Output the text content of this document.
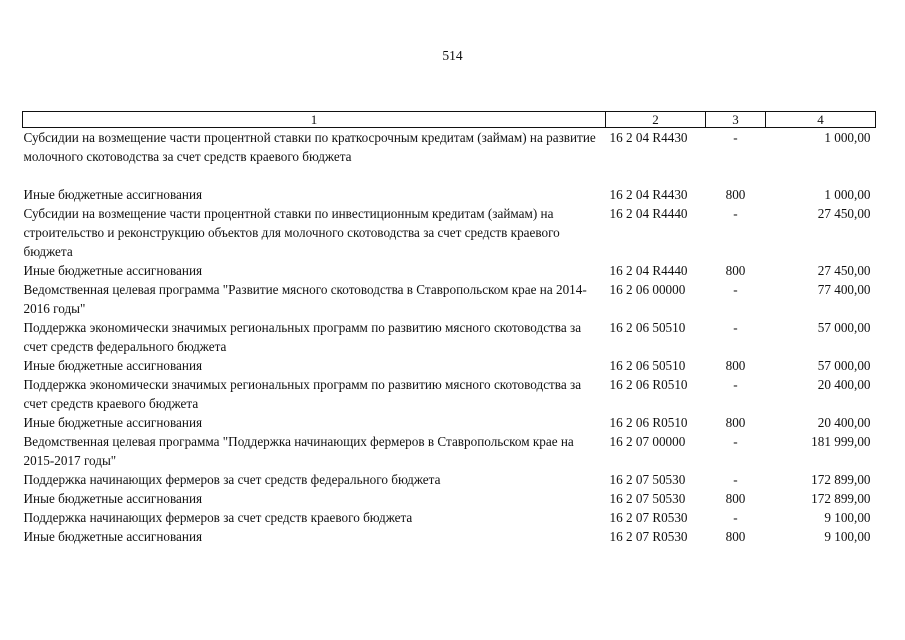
514
1	2	3	4
Субсидии на возмещение части процентной ставки по краткосрочным кредитам (займам) на развитие молочного скотоводства за счет средств краевого бюджета	16 2 04 R4430	-	1 000,00

Иные бюджетные ассигнования	16 2 04 R4430	800	1 000,00
Субсидии на возмещение части процентной ставки по инвестиционным кредитам (займам) на строительство и реконструкцию объектов для молочного скотоводства за счет средств краевого бюджета	16 2 04 R4440	-	27 450,00
Иные бюджетные ассигнования	16 2 04 R4440	800	27 450,00
Ведомственная целевая программа "Развитие мясного скотоводства в Ставропольском крае на 2014-2016 годы"	16 2 06 00000	-	77 400,00
Поддержка экономически значимых региональных программ по развитию мясного скотоводства за счет средств федерального бюджета	16 2 06 50510	-	57 000,00
Иные бюджетные ассигнования	16 2 06 50510	800	57 000,00
Поддержка экономически значимых региональных программ по развитию мясного скотоводства за счет средств краевого бюджета	16 2 06 R0510	-	20 400,00
Иные бюджетные ассигнования	16 2 06 R0510	800	20 400,00
Ведомственная целевая программа "Поддержка начинающих фермеров в Ставропольском крае на 2015-2017 годы"	16 2 07 00000	-	181 999,00
Поддержка начинающих фермеров за счет средств федерального бюджета	16 2 07 50530	-	172 899,00
Иные бюджетные ассигнования	16 2 07 50530	800	172 899,00
Поддержка начинающих фермеров за счет средств краевого бюджета	16 2 07 R0530	-	9 100,00
Иные бюджетные ассигнования	16 2 07 R0530	800	9 100,00
